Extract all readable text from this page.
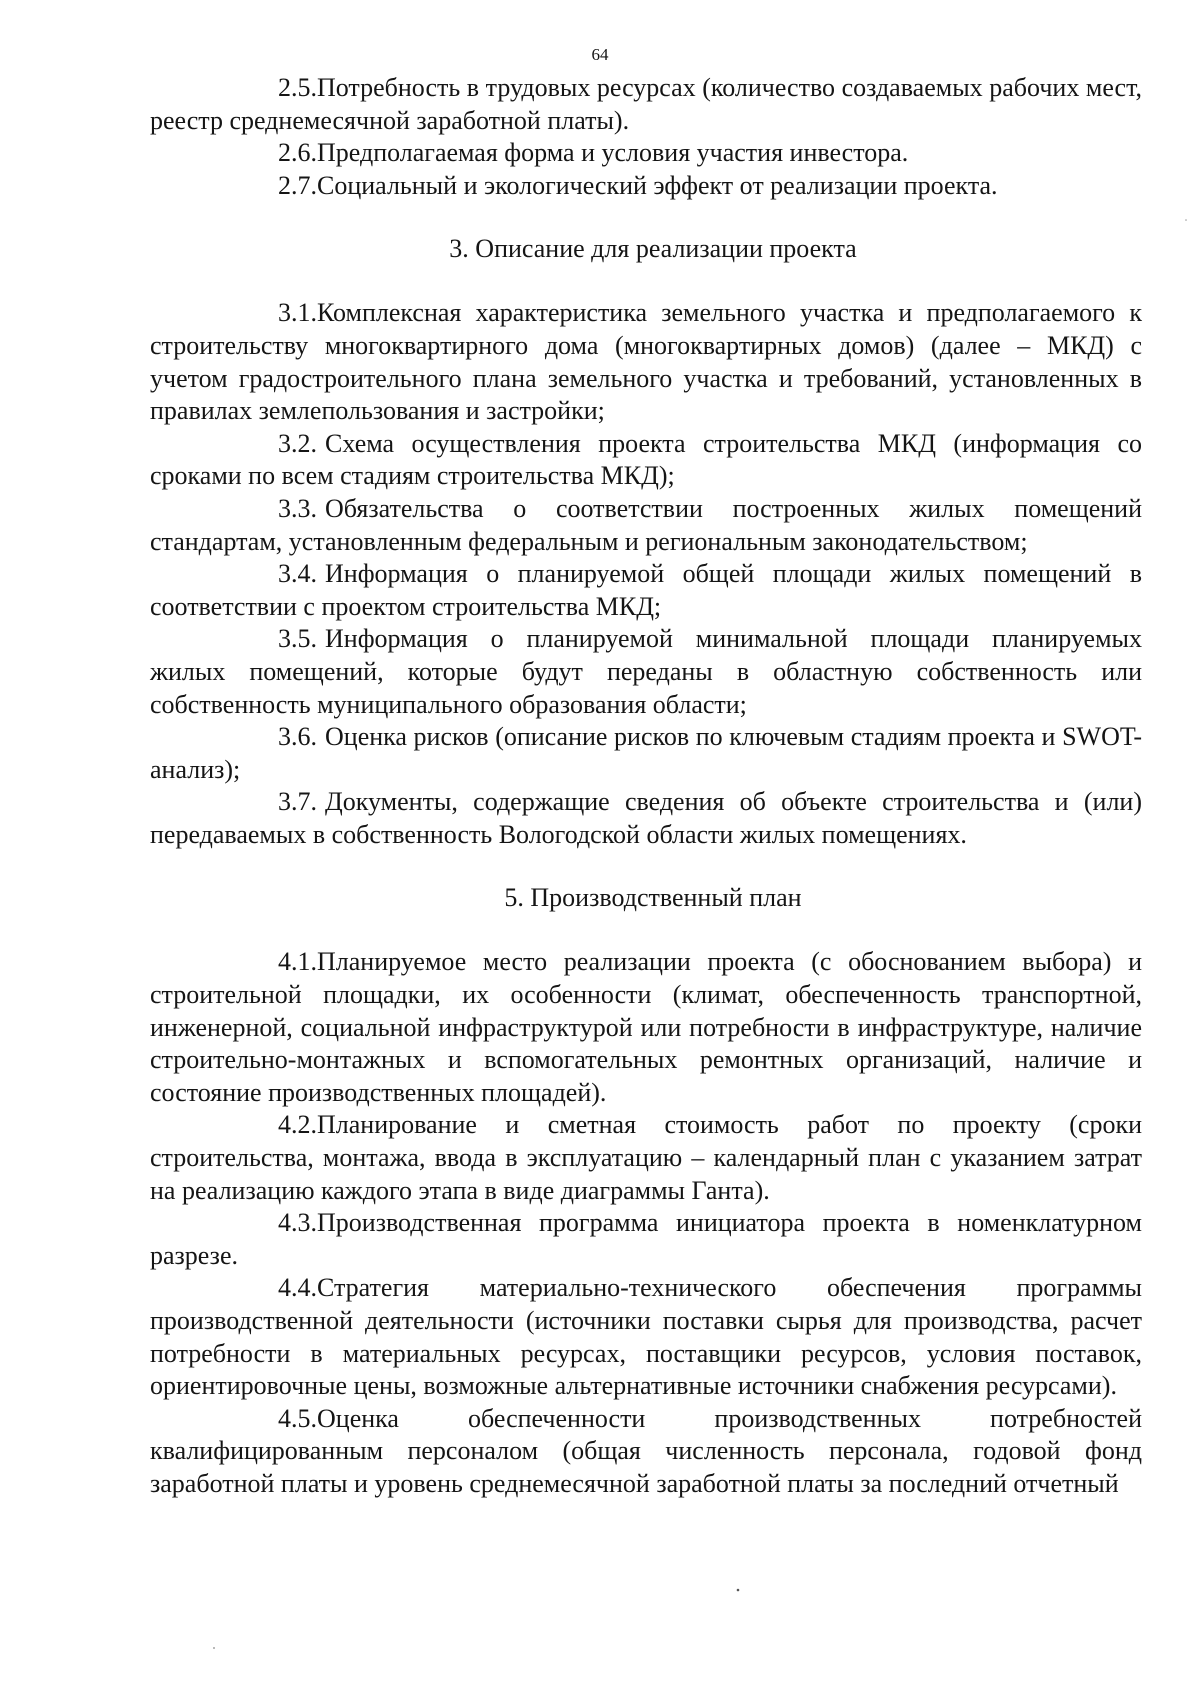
64

2.5.Потребность в трудовых ресурсах (количество создаваемых рабочих мест, реестр среднемесячной заработной платы).

2.6.Предполагаемая форма и условия участия инвестора.

2.7.Социальный и экологический эффект от реализации проекта.

3. Описание для реализации проекта

3.1.Комплексная характеристика земельного участка и предполагаемого к строительству многоквартирного дома (многоквартирных домов) (далее – МКД) с учетом градостроительного плана земельного участка и требований, установленных в правилах землепользования и застройки;

3.2. Схема осуществления проекта строительства МКД (информация со сроками по всем стадиям строительства МКД);

3.3. Обязательства о соответствии построенных жилых помещений стандартам, установленным федеральным и региональным законодательством;

3.4. Информация о планируемой общей площади жилых помещений в соответствии с проектом строительства МКД;

3.5. Информация о планируемой минимальной площади планируемых жилых помещений, которые будут переданы в областную собственность или собственность муниципального образования области;

3.6. Оценка рисков (описание рисков по ключевым стадиям проекта и SWOT-анализ);

3.7. Документы, содержащие сведения об объекте строительства и (или) передаваемых в собственность Вологодской области жилых помещениях.

5. Производственный план

4.1.Планируемое место реализации проекта (с обоснованием выбора) и строительной площадки, их особенности (климат, обеспеченность транспортной, инженерной, социальной инфраструктурой или потребности в инфраструктуре, наличие строительно-монтажных и вспомогательных ремонтных организаций, наличие и состояние производственных площадей).

4.2.Планирование и сметная стоимость работ по проекту (сроки строительства, монтажа, ввода в эксплуатацию – календарный план с указанием затрат на реализацию каждого этапа в виде диаграммы Ганта).

4.3.Производственная программа инициатора проекта в номенклатурном разрезе.

4.4.Стратегия материально-технического обеспечения программы производственной деятельности (источники поставки сырья для производства, расчет потребности в материальных ресурсах, поставщики ресурсов, условия поставок, ориентировочные цены, возможные альтернативные источники снабжения ресурсами).

4.5.Оценка обеспеченности производственных потребностей квалифицированным персоналом (общая численность персонала, годовой фонд заработной платы и уровень среднемесячной заработной платы за последний отчетный
